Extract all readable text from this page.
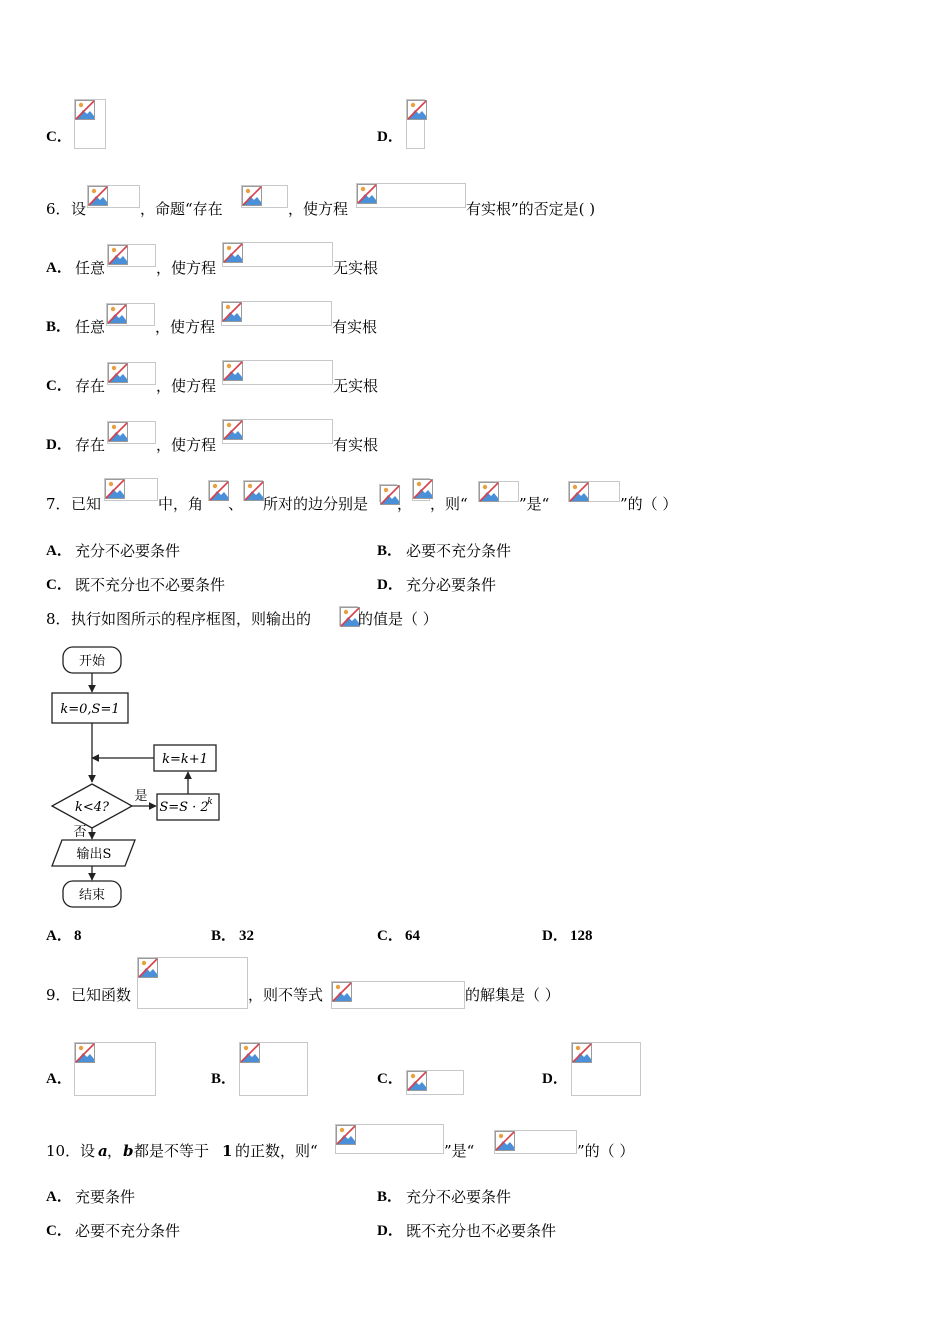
C．	D．
6． 设	，命题“存在	，使方程	有实根”的否定是( )
A． 任意	，使方程	无实根
B． 任意	，使方程	有实根
C． 存在	，使方程	无实根
D． 存在	，使方程	有实根
7． 已知	中，角 、 所对的边分别是 ， ，则“	”是“	”的（ ）
A． 充分不必要条件	B． 必要不充分条件
C． 既不充分也不必要条件	D． 充分必要条件
8． 执行如图所示的程序框图，则输出的	的值是（ ）
开始
k=0,S=1
k=k+1
k<4?
是
否
S=S · 2
k
输出S
结束
A． 8	B． 32	C． 64	D． 128
9． 已知函数	，则不等式	的解集是（ ）
A．	B．	C．	D．
10． 设 a ， b 都是不等于 1 的正数，则“	”是“	”的（ ）
A． 充要条件	B． 充分不必要条件
C． 必要不充分条件	D． 既不充分也不必要条件
